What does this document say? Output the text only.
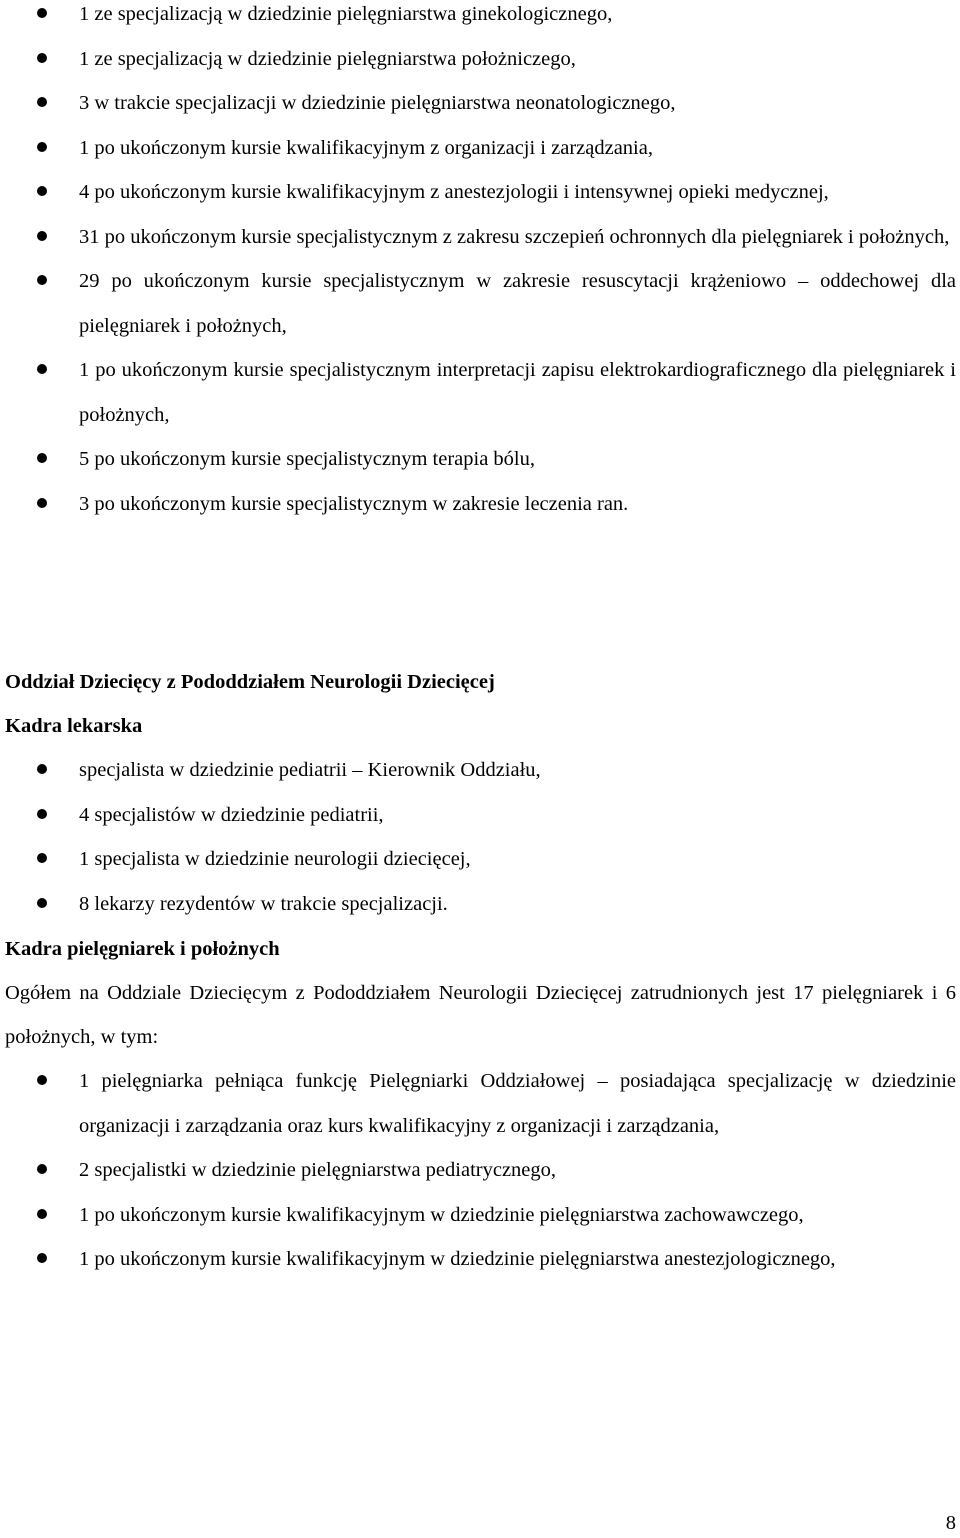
1 ze specjalizacją w dziedzinie pielęgniarstwa ginekologicznego,
1 ze specjalizacją w dziedzinie pielęgniarstwa położniczego,
3 w trakcie specjalizacji w dziedzinie pielęgniarstwa neonatologicznego,
1 po ukończonym kursie kwalifikacyjnym z organizacji i zarządzania,
4 po ukończonym kursie kwalifikacyjnym z anestezjologii i intensywnej opieki medycznej,
31 po ukończonym kursie specjalistycznym z zakresu szczepień ochronnych dla pielęgniarek i położnych,
29 po ukończonym kursie specjalistycznym w zakresie resuscytacji krążeniowo – oddechowej dla pielęgniarek i położnych,
1 po ukończonym kursie specjalistycznym interpretacji zapisu elektrokardiograficznego dla pielęgniarek i położnych,
5 po ukończonym kursie specjalistycznym terapia bólu,
3 po ukończonym kursie specjalistycznym w zakresie leczenia ran.
Oddział Dziecięcy z Pododdziałem Neurologii Dziecięcej
Kadra lekarska
specjalista w dziedzinie pediatrii – Kierownik Oddziału,
4 specjalistów w dziedzinie pediatrii,
1 specjalista w dziedzinie neurologii dziecięcej,
8 lekarzy rezydentów w trakcie specjalizacji.
Kadra pielęgniarek i położnych

Ogółem na Oddziale Dziecięcym z Pododdziałem Neurologii Dziecięcej zatrudnionych jest 17 pielęgniarek i 6 położnych, w tym:

1 pielęgniarka pełniąca funkcję Pielęgniarki Oddziałowej – posiadająca specjalizację w dziedzinie organizacji i zarządzania oraz kurs kwalifikacyjny z organizacji i zarządzania,
2 specjalistki w dziedzinie pielęgniarstwa pediatrycznego,
1 po ukończonym kursie kwalifikacyjnym w dziedzinie pielęgniarstwa zachowawczego,
1 po ukończonym kursie kwalifikacyjnym w dziedzinie pielęgniarstwa anestezjologicznego,
8
